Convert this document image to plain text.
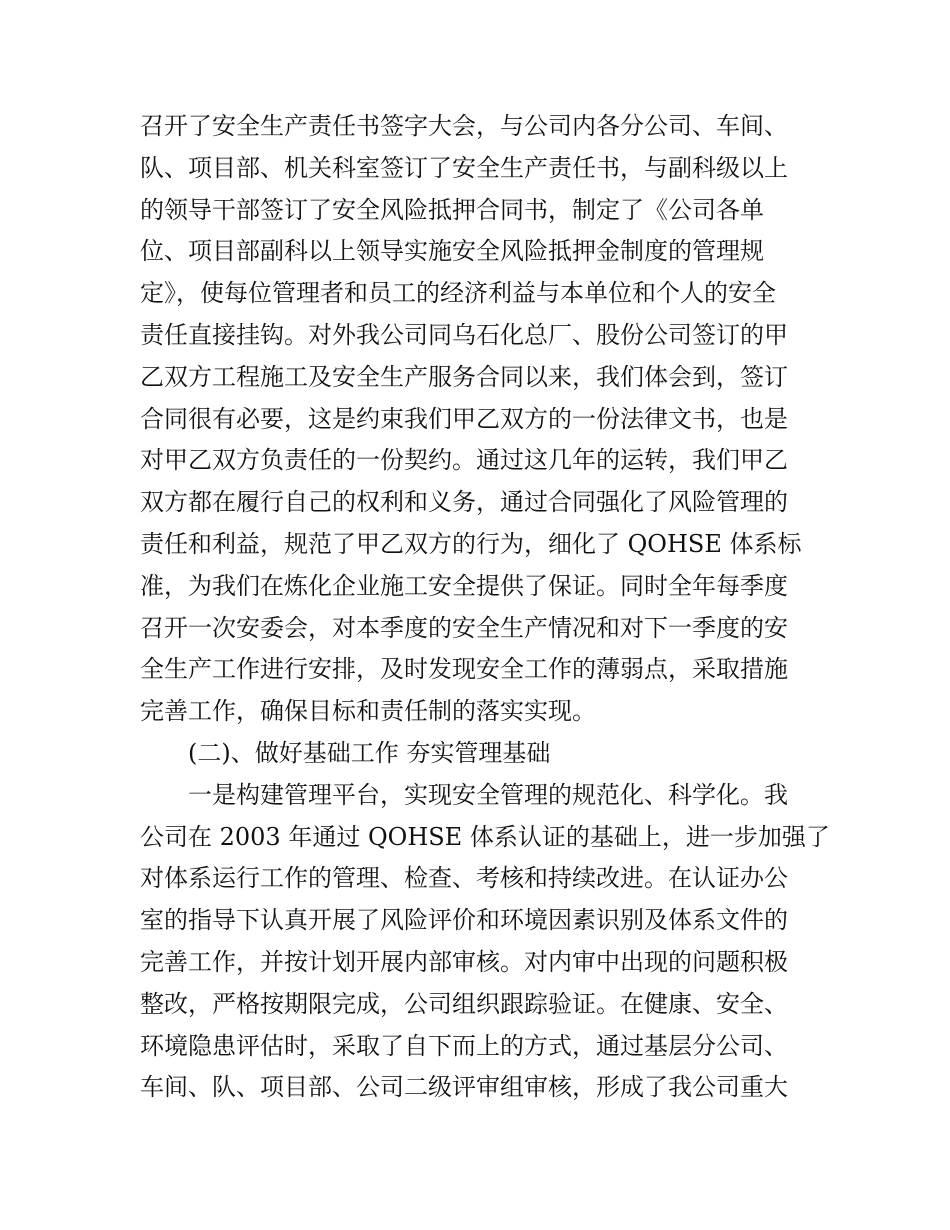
召开了安全生产责任书签字大会，与公司内各分公司、车间、
队、项目部、机关科室签订了安全生产责任书，与副科级以上
的领导干部签订了安全风险抵押合同书，制定了《公司各单
位、项目部副科以上领导实施安全风险抵押金制度的管理规
定》，使每位管理者和员工的经济利益与本单位和个人的安全
责任直接挂钩。对外我公司同乌石化总厂、股份公司签订的甲
乙双方工程施工及安全生产服务合同以来，我们体会到，签订
合同很有必要，这是约束我们甲乙双方的一份法律文书，也是
对甲乙双方负责任的一份契约。通过这几年的运转，我们甲乙
双方都在履行自己的权利和义务，通过合同强化了风险管理的
责任和利益，规范了甲乙双方的行为，细化了 QOHSE 体系标
准，为我们在炼化企业施工安全提供了保证。同时全年每季度
召开一次安委会，对本季度的安全生产情况和对下一季度的安
全生产工作进行安排，及时发现安全工作的薄弱点，采取措施
完善工作，确保目标和责任制的落实实现。
(二)、做好基础工作 夯实管理基础
一是构建管理平台，实现安全管理的规范化、科学化。我
公司在 2003 年通过 QOHSE 体系认证的基础上，进一步加强了
对体系运行工作的管理、检查、考核和持续改进。在认证办公
室的指导下认真开展了风险评价和环境因素识别及体系文件的
完善工作，并按计划开展内部审核。对内审中出现的问题积极
整改，严格按期限完成，公司组织跟踪验证。在健康、安全、
环境隐患评估时，采取了自下而上的方式，通过基层分公司、
车间、队、项目部、公司二级评审组审核，形成了我公司重大
